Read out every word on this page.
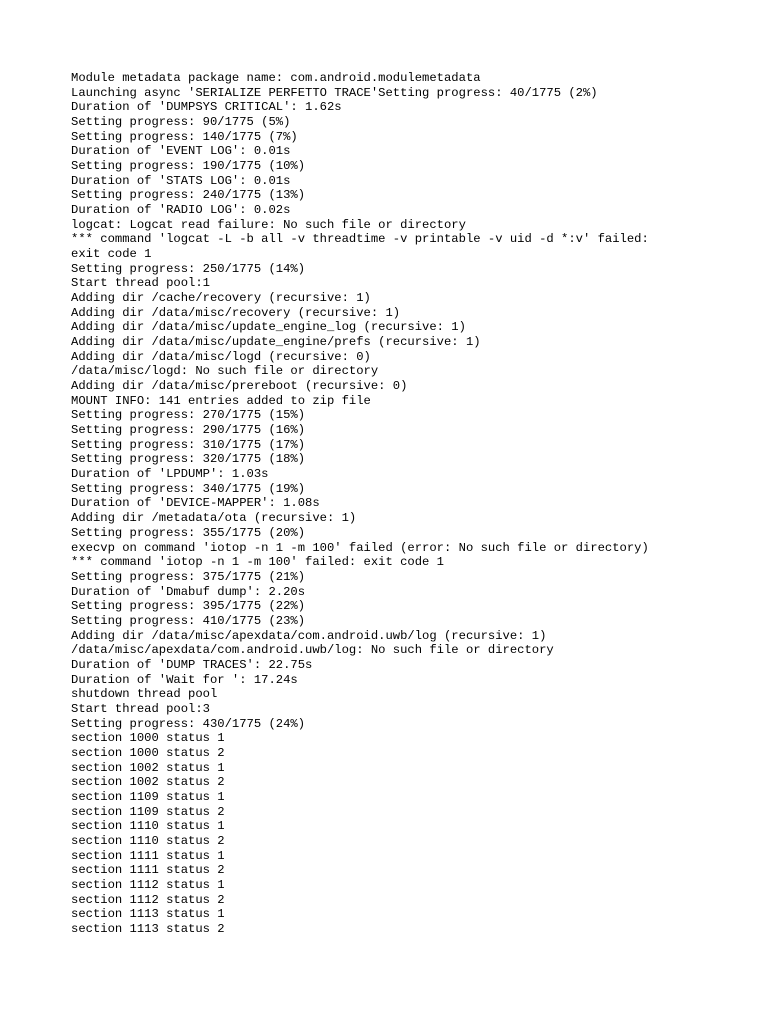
Module metadata package name: com.android.modulemetadata
Launching async 'SERIALIZE PERFETTO TRACE'Setting progress: 40/1775 (2%)
Duration of 'DUMPSYS CRITICAL': 1.62s
Setting progress: 90/1775 (5%)
Setting progress: 140/1775 (7%)
Duration of 'EVENT LOG': 0.01s
Setting progress: 190/1775 (10%)
Duration of 'STATS LOG': 0.01s
Setting progress: 240/1775 (13%)
Duration of 'RADIO LOG': 0.02s
logcat: Logcat read failure: No such file or directory
*** command 'logcat -L -b all -v threadtime -v printable -v uid -d *:v' failed:
exit code 1
Setting progress: 250/1775 (14%)
Start thread pool:1
Adding dir /cache/recovery (recursive: 1)
Adding dir /data/misc/recovery (recursive: 1)
Adding dir /data/misc/update_engine_log (recursive: 1)
Adding dir /data/misc/update_engine/prefs (recursive: 1)
Adding dir /data/misc/logd (recursive: 0)
/data/misc/logd: No such file or directory
Adding dir /data/misc/prereboot (recursive: 0)
MOUNT INFO: 141 entries added to zip file
Setting progress: 270/1775 (15%)
Setting progress: 290/1775 (16%)
Setting progress: 310/1775 (17%)
Setting progress: 320/1775 (18%)
Duration of 'LPDUMP': 1.03s
Setting progress: 340/1775 (19%)
Duration of 'DEVICE-MAPPER': 1.08s
Adding dir /metadata/ota (recursive: 1)
Setting progress: 355/1775 (20%)
execvp on command 'iotop -n 1 -m 100' failed (error: No such file or directory)
*** command 'iotop -n 1 -m 100' failed: exit code 1
Setting progress: 375/1775 (21%)
Duration of 'Dmabuf dump': 2.20s
Setting progress: 395/1775 (22%)
Setting progress: 410/1775 (23%)
Adding dir /data/misc/apexdata/com.android.uwb/log (recursive: 1)
/data/misc/apexdata/com.android.uwb/log: No such file or directory
Duration of 'DUMP TRACES': 22.75s
Duration of 'Wait for ': 17.24s
shutdown thread pool
Start thread pool:3
Setting progress: 430/1775 (24%)
section 1000 status 1
section 1000 status 2
section 1002 status 1
section 1002 status 2
section 1109 status 1
section 1109 status 2
section 1110 status 1
section 1110 status 2
section 1111 status 1
section 1111 status 2
section 1112 status 1
section 1112 status 2
section 1113 status 1
section 1113 status 2
